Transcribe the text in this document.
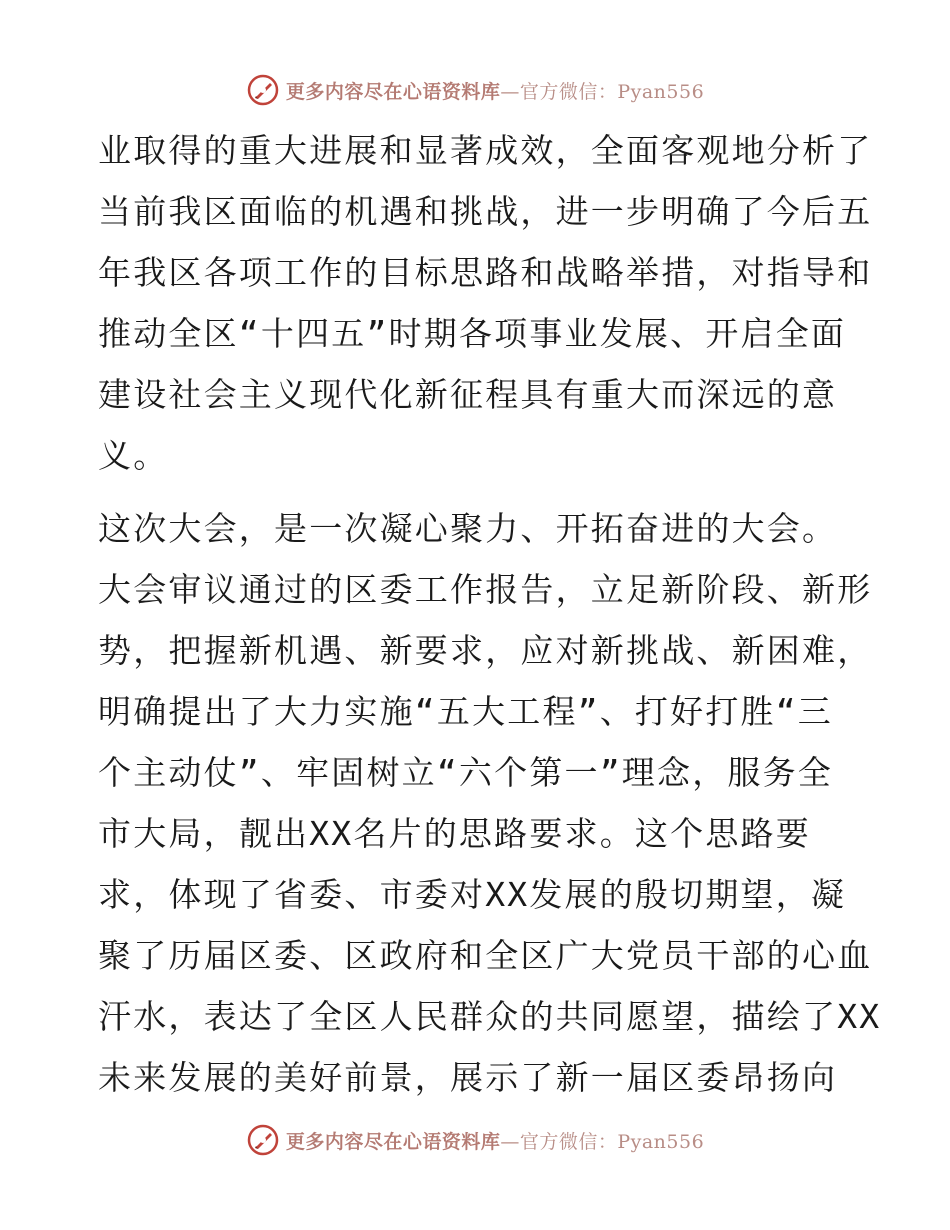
更多内容尽在心语资料库—官方微信：Pyan556
业取得的重大进展和显著成效，全面客观地分析了
当前我区面临的机遇和挑战，进一步明确了今后五
年我区各项工作的目标思路和战略举措，对指导和
推动全区“十四五”时期各项事业发展、开启全面
建设社会主义现代化新征程具有重大而深远的意
义。
这次大会，是一次凝心聚力、开拓奋进的大会。
大会审议通过的区委工作报告，立足新阶段、新形
势，把握新机遇、新要求，应对新挑战、新困难，
明确提出了大力实施“五大工程”、打好打胜“三
个主动仗”、牢固树立“六个第一”理念，服务全
市大局，靓出XX名片的思路要求。这个思路要
求，体现了省委、市委对XX发展的殷切期望，凝
聚了历届区委、区政府和全区广大党员干部的心血
汗水，表达了全区人民群众的共同愿望，描绘了XX
未来发展的美好前景，展示了新一届区委昂扬向
更多内容尽在心语资料库—官方微信：Pyan556
